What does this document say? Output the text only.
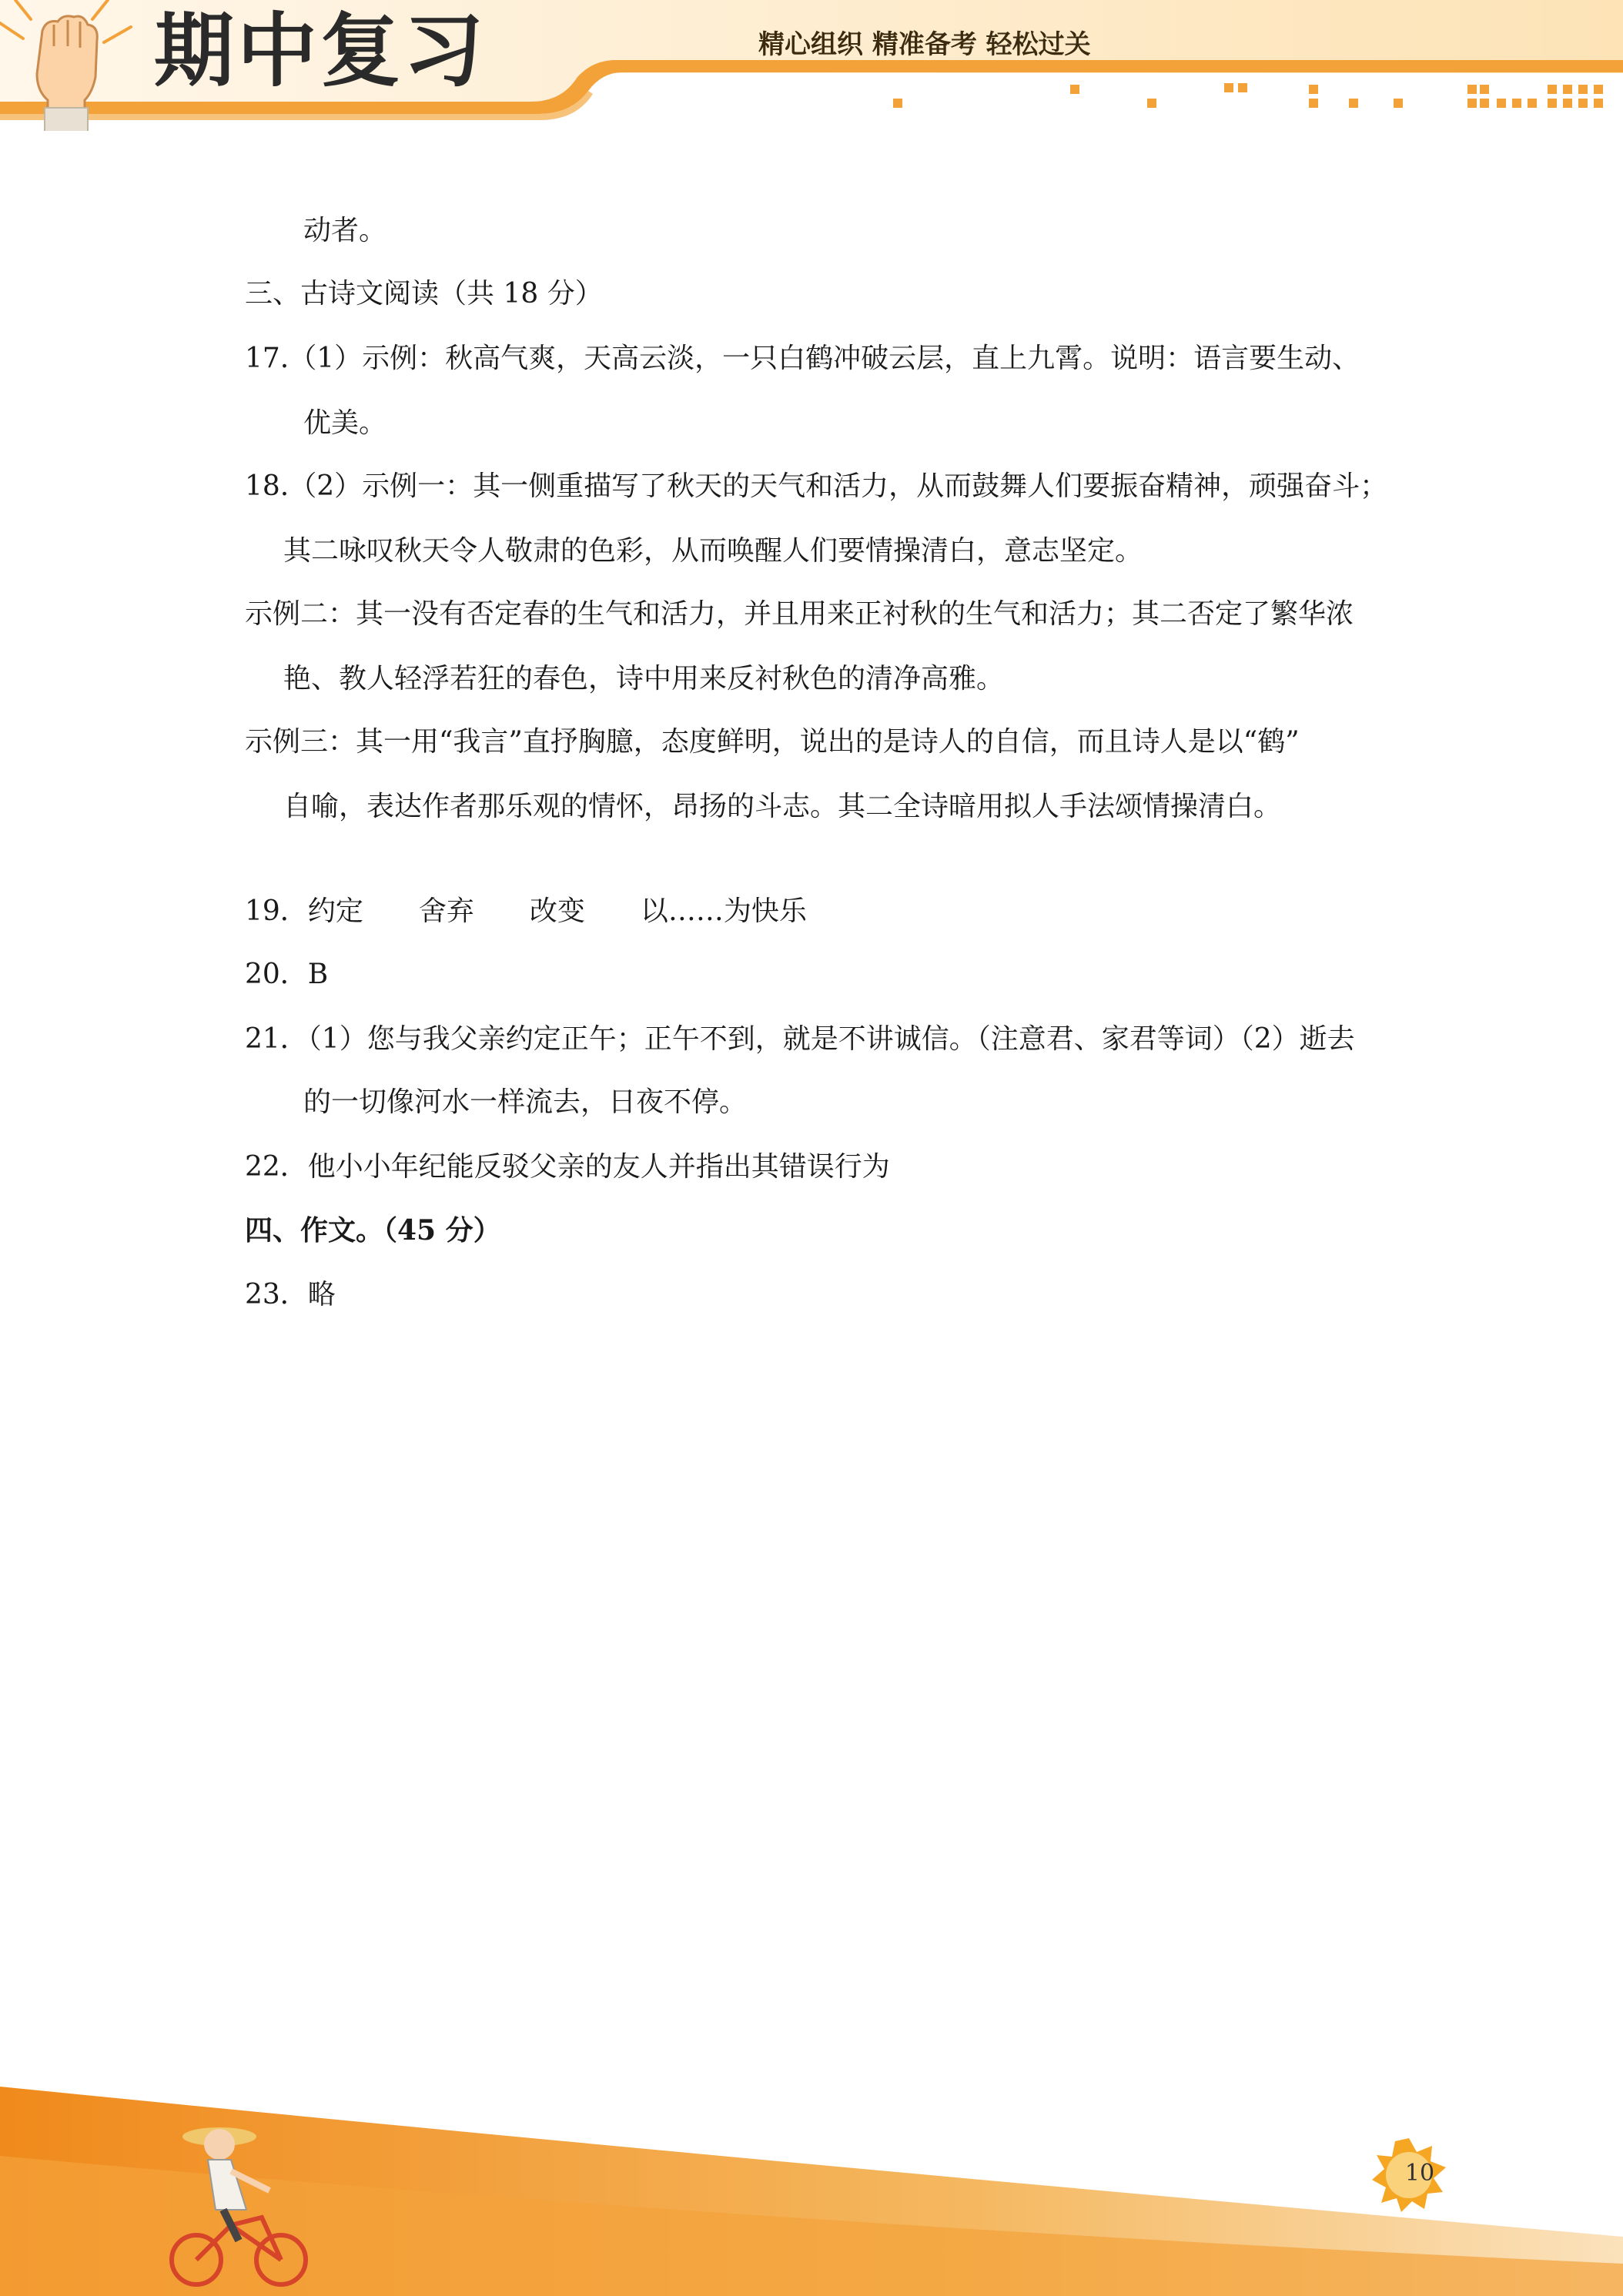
期中复习	精心组织 精准备考 轻松过关
动者。
三、古诗文阅读（共 18 分）
17.（1）示例：秋高气爽，天高云淡，一只白鹤冲破云层，直上九霄。说明：语言要生动、
优美。
18.（2）示例一：其一侧重描写了秋天的天气和活力，从而鼓舞人们要振奋精神，顽强奋斗；
其二咏叹秋天令人敬肃的色彩，从而唤醒人们要情操清白，意志坚定。
示例二：其一没有否定春的生气和活力，并且用来正衬秋的生气和活力；其二否定了繁华浓
艳、教人轻浮若狂的春色，诗中用来反衬秋色的清净高雅。
示例三：其一用“我言”直抒胸臆，态度鲜明，说出的是诗人的自信，而且诗人是以“鹤”
自喻，表达作者那乐观的情怀，昂扬的斗志。其二全诗暗用拟人手法颂情操清白。
19．约定 舍弃 改变 以……为快乐
20．B
21．（1）您与我父亲约定正午；正午不到，就是不讲诚信。（注意君、家君等词）（2）逝去
的一切像河水一样流去，日夜不停。
22．他小小年纪能反驳父亲的友人并指出其错误行为
四、作文。（45 分）
23．略
10
